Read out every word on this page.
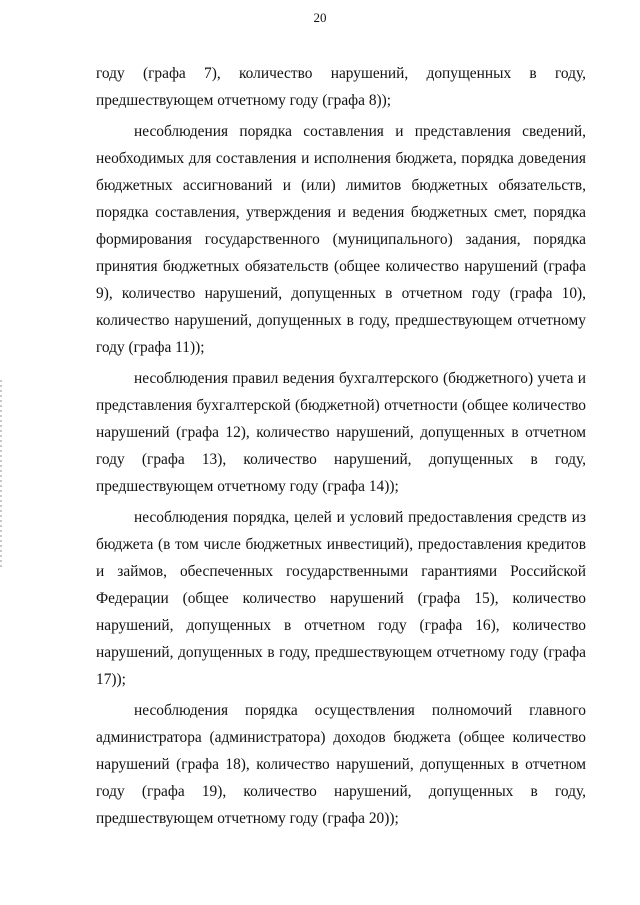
20

году (графа 7), количество нарушений, допущенных в году, предшествующем отчетному году (графа 8));

несоблюдения порядка составления и представления сведений, необходимых для составления и исполнения бюджета, порядка доведения бюджетных ассигнований и (или) лимитов бюджетных обязательств, порядка составления, утверждения и ведения бюджетных смет, порядка формирования государственного (муниципального) задания, порядка принятия бюджетных обязательств (общее количество нарушений (графа 9), количество нарушений, допущенных в отчетном году (графа 10), количество нарушений, допущенных в году, предшествующем отчетному году (графа 11));

несоблюдения правил ведения бухгалтерского (бюджетного) учета и представления бухгалтерской (бюджетной) отчетности (общее количество нарушений (графа 12), количество нарушений, допущенных в отчетном году (графа 13), количество нарушений, допущенных в году, предшествующем отчетному году (графа 14));

несоблюдения порядка, целей и условий предоставления средств из бюджета (в том числе бюджетных инвестиций), предоставления кредитов и займов, обеспеченных государственными гарантиями Российской Федерации (общее количество нарушений (графа 15), количество нарушений, допущенных в отчетном году (графа 16), количество нарушений, допущенных в году, предшествующем отчетному году (графа 17));

несоблюдения порядка осуществления полномочий главного администратора (администратора) доходов бюджета (общее количество нарушений (графа 18), количество нарушений, допущенных в отчетном году (графа 19), количество нарушений, допущенных в году, предшествующем отчетному году (графа 20));
